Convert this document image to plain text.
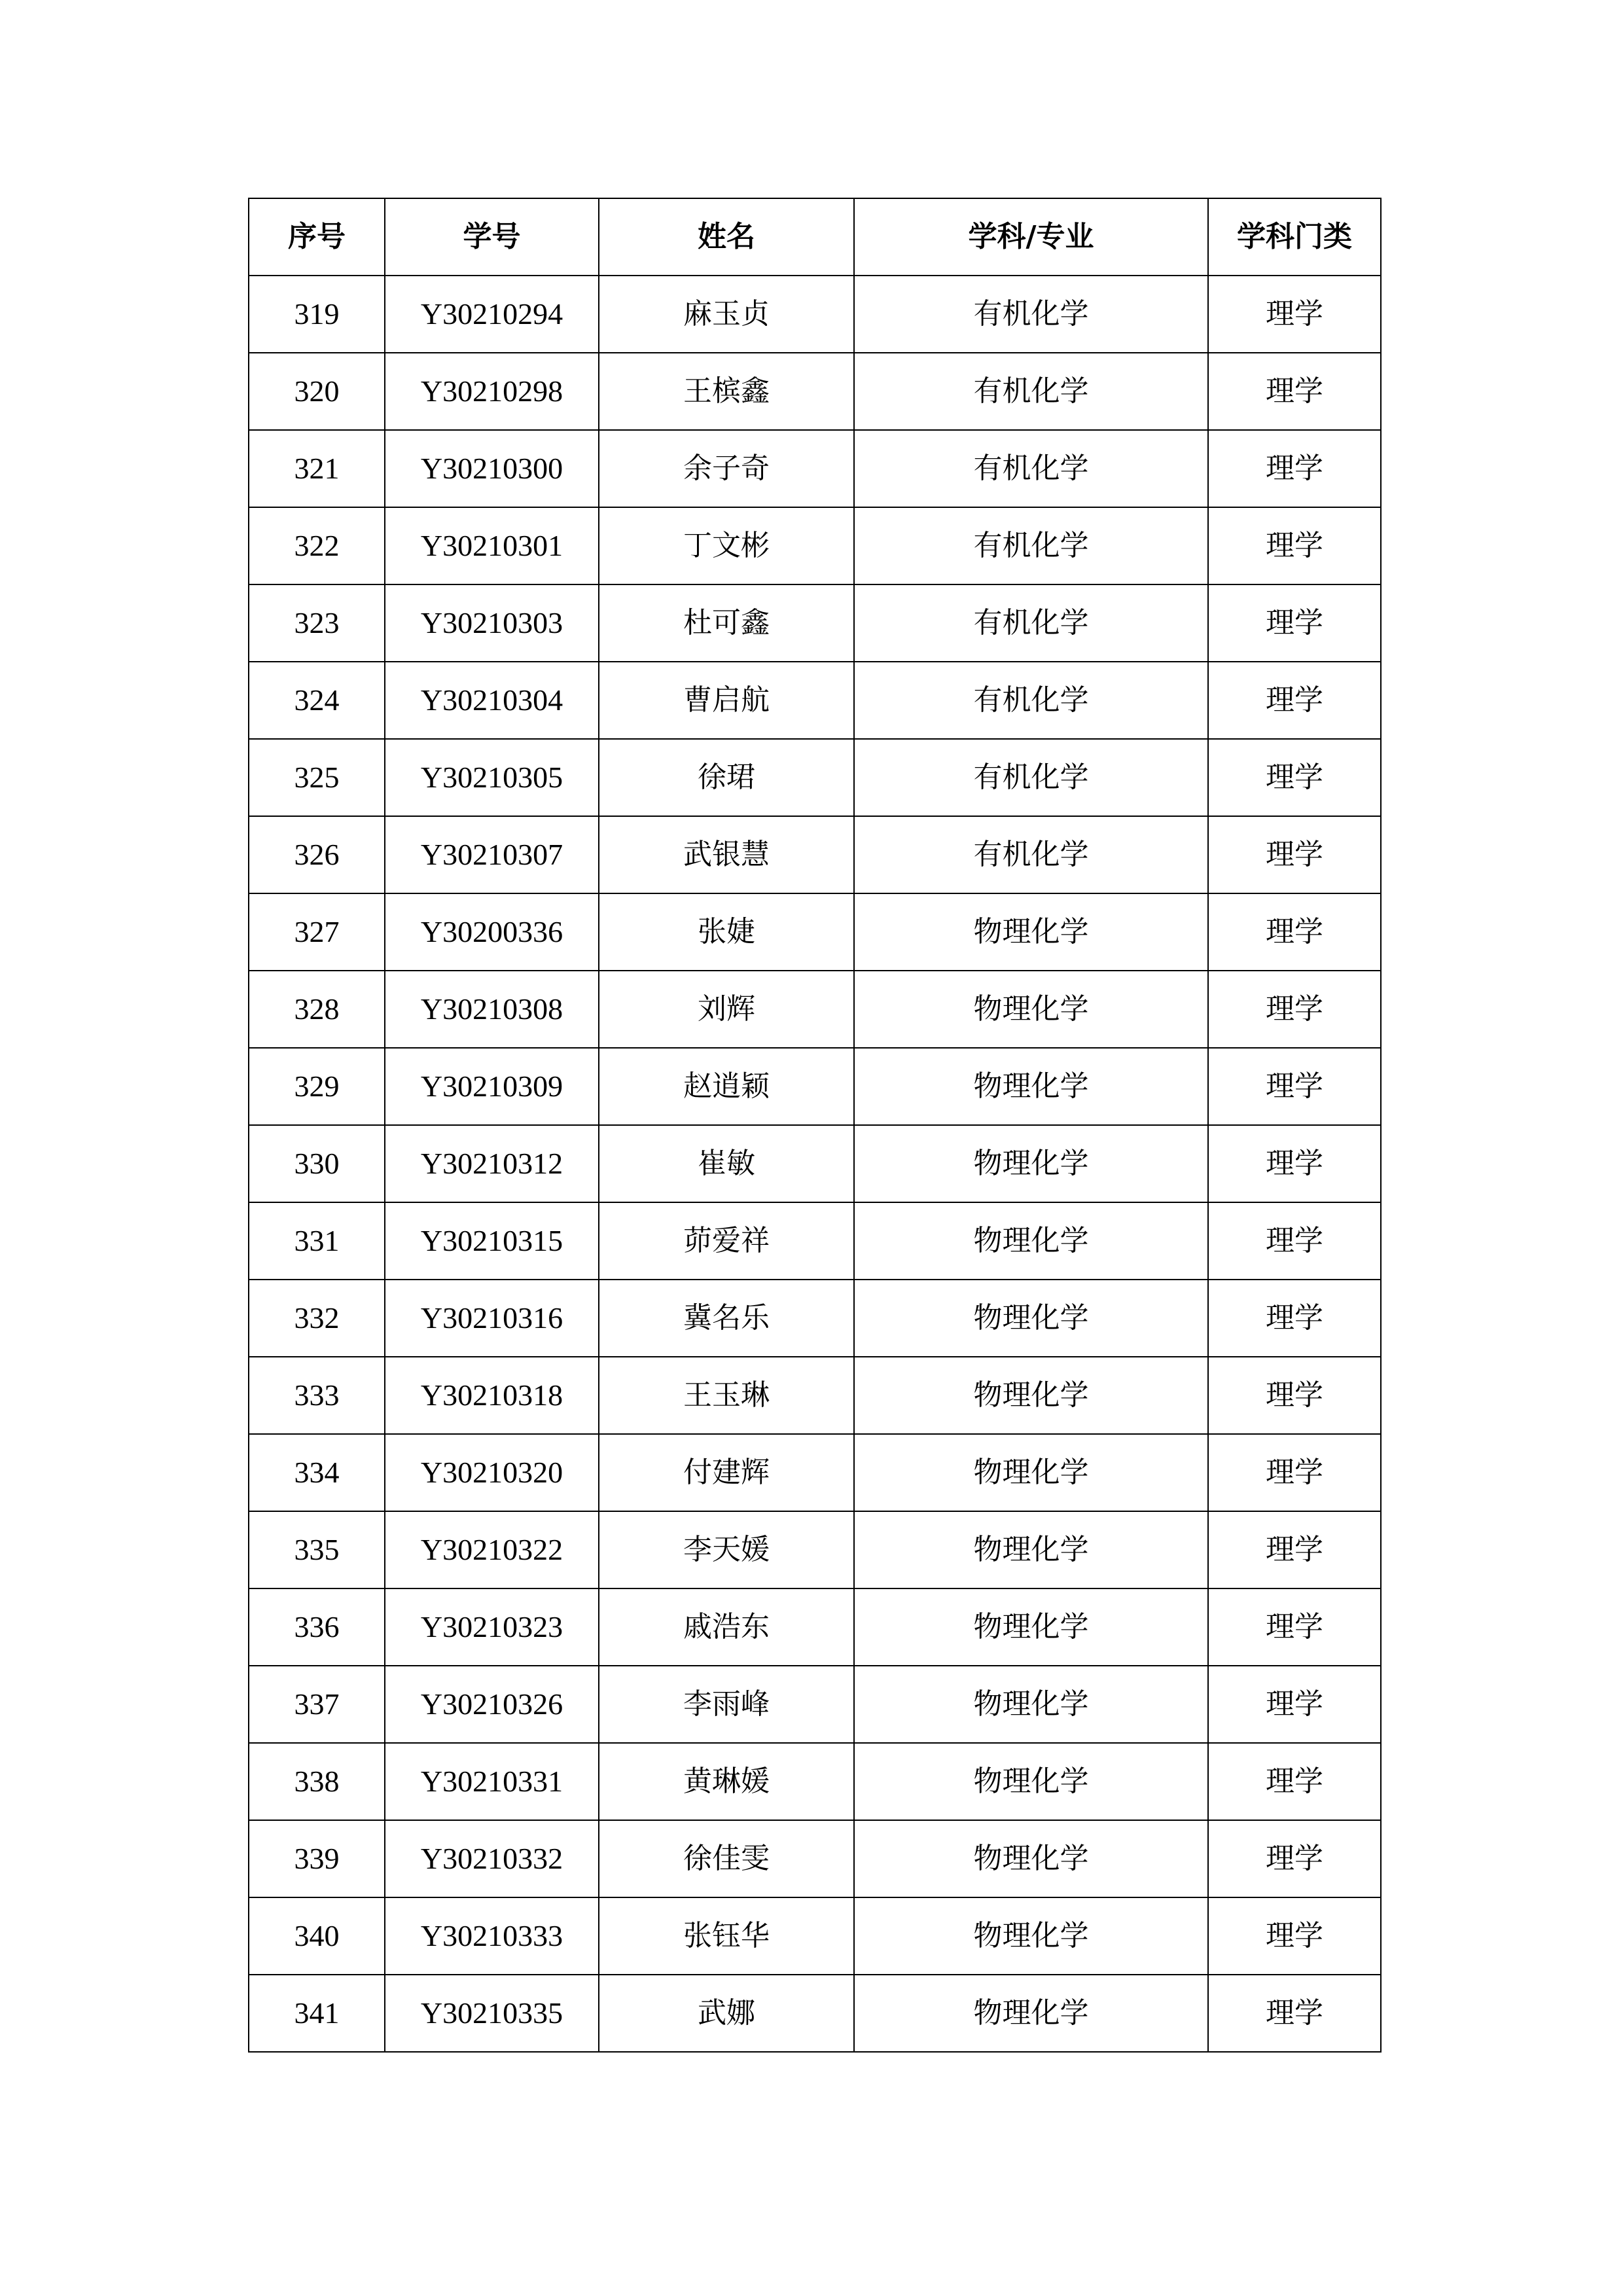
序号	学号	姓名	学科/专业	学科门类
319	Y30210294	麻玉贞	有机化学	理学
320	Y30210298	王槟鑫	有机化学	理学
321	Y30210300	余子奇	有机化学	理学
322	Y30210301	丁文彬	有机化学	理学
323	Y30210303	杜可鑫	有机化学	理学
324	Y30210304	曹启航	有机化学	理学
325	Y30210305	徐珺	有机化学	理学
326	Y30210307	武银慧	有机化学	理学
327	Y30200336	张婕	物理化学	理学
328	Y30210308	刘辉	物理化学	理学
329	Y30210309	赵逍颖	物理化学	理学
330	Y30210312	崔敏	物理化学	理学
331	Y30210315	茆爱祥	物理化学	理学
332	Y30210316	冀名乐	物理化学	理学
333	Y30210318	王玉琳	物理化学	理学
334	Y30210320	付建辉	物理化学	理学
335	Y30210322	李天媛	物理化学	理学
336	Y30210323	戚浩东	物理化学	理学
337	Y30210326	李雨峰	物理化学	理学
338	Y30210331	黄琳媛	物理化学	理学
339	Y30210332	徐佳雯	物理化学	理学
340	Y30210333	张钰华	物理化学	理学
341	Y30210335	武娜	物理化学	理学
